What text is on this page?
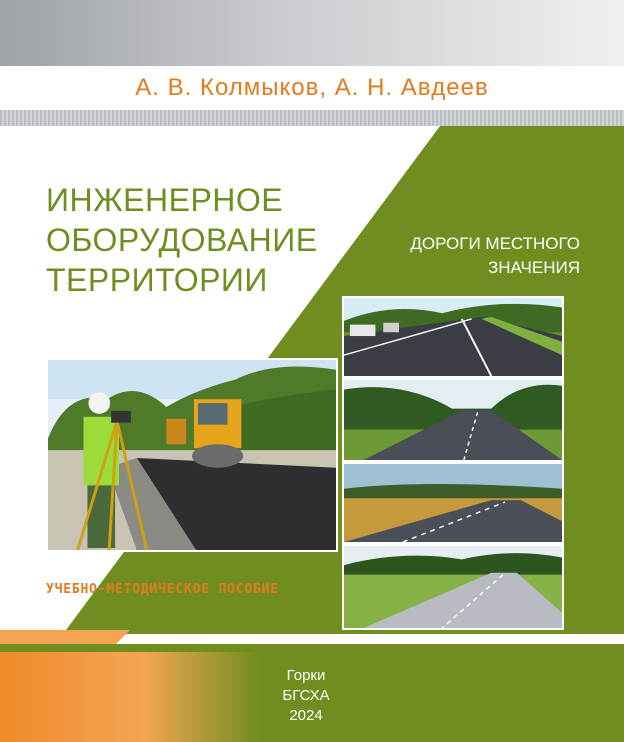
А. В. Колмыков, А. Н. Авдеев
ИНЖЕНЕРНОЕ
ОБОРУДОВАНИЕ
ТЕРРИТОРИИ
ДОРОГИ МЕСТНОГО
ЗНАЧЕНИЯ
УЧЕБНО-МЕТОДИЧЕСКОЕ ПОСОБИЕ
Горки
БГСХА
2024
